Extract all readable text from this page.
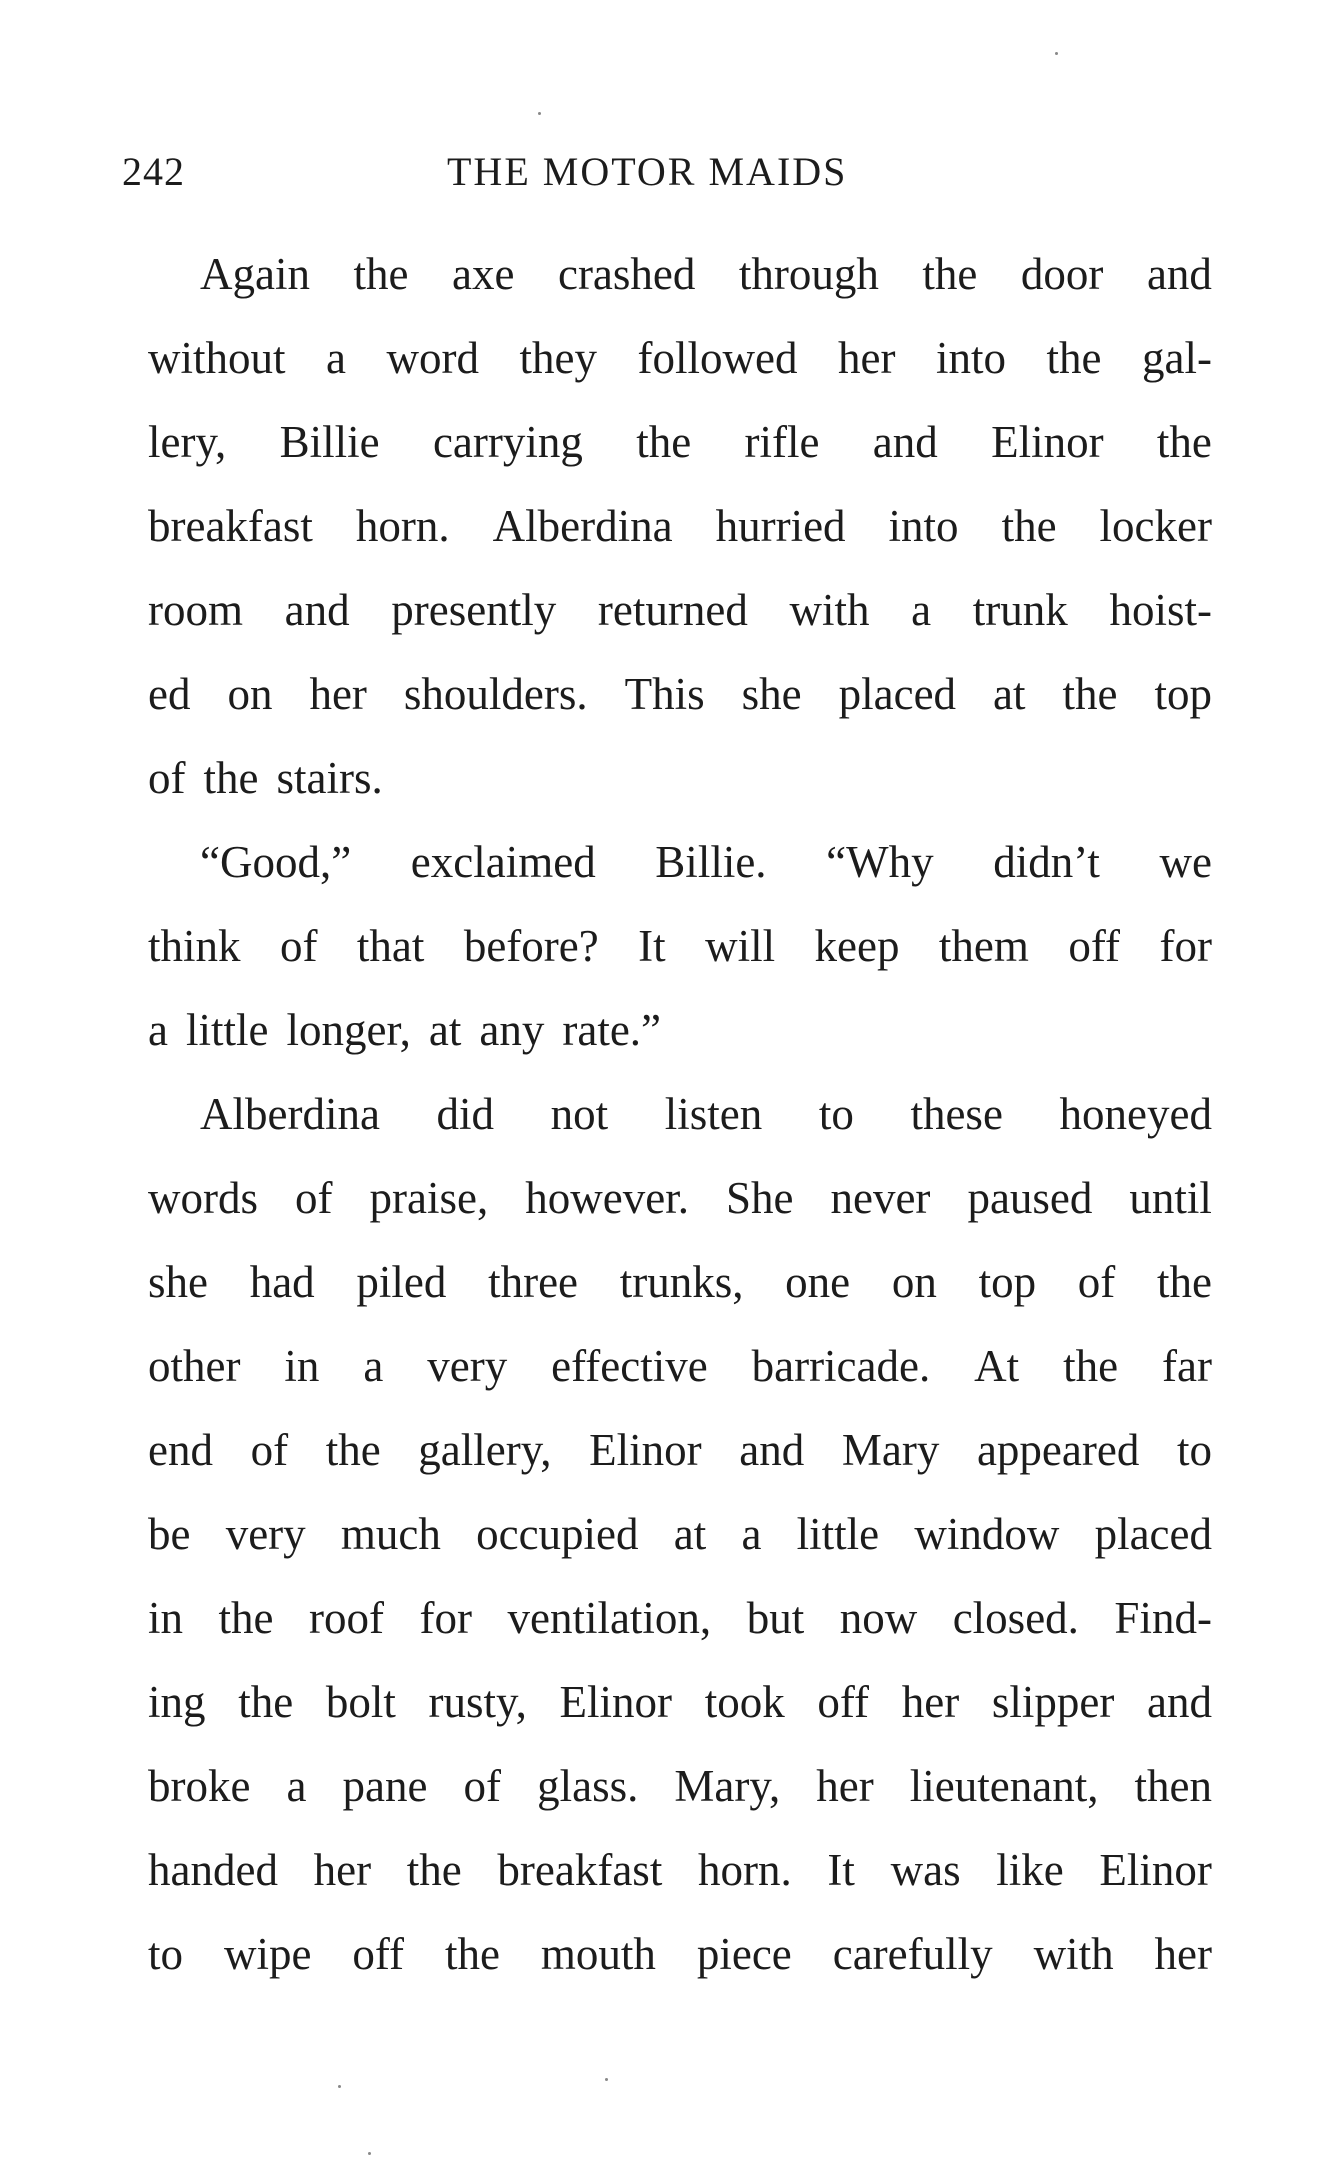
242	THE MOTOR MAIDS
Again the axe crashed through the door and
without a word they followed her into the gal-
lery, Billie carrying the rifle and Elinor the
breakfast horn. Alberdina hurried into the locker
room and presently returned with a trunk hoist-
ed on her shoulders. This she placed at the top
of the stairs.
“Good,” exclaimed Billie. “Why didn’t we
think of that before? It will keep them off for
a little longer, at any rate.”
Alberdina did not listen to these honeyed
words of praise, however. She never paused until
she had piled three trunks, one on top of the
other in a very effective barricade. At the far
end of the gallery, Elinor and Mary appeared to
be very much occupied at a little window placed
in the roof for ventilation, but now closed. Find-
ing the bolt rusty, Elinor took off her slipper and
broke a pane of glass. Mary, her lieutenant, then
handed her the breakfast horn. It was like Elinor
to wipe off the mouth piece carefully with her
